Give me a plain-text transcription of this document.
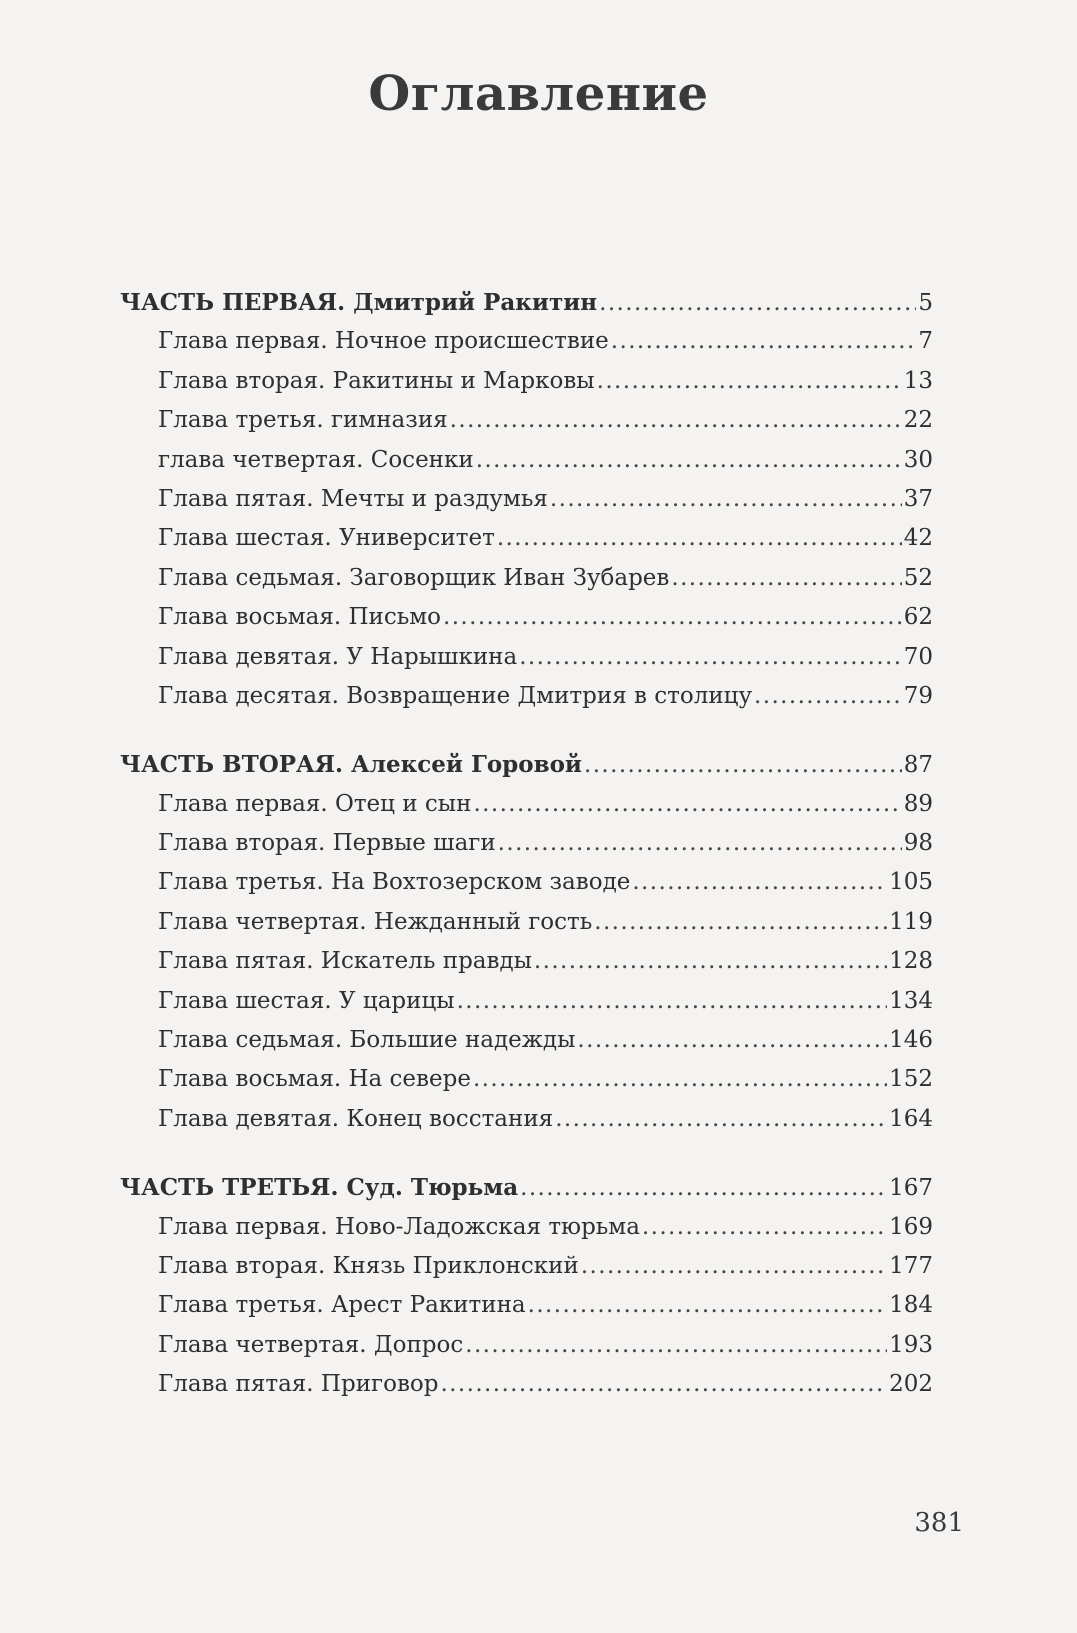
Оглавление
ЧАСТЬ ПЕРВАЯ. Дмитрий Ракитин .....	5
Глава первая. Ночное происшествие .....	7
Глава вторая. Ракитины и Марковы .....	13
Глава третья. гимназия .....	22
глава четвертая. Сосенки .....	30
Глава пятая. Мечты и раздумья .....	37
Глава шестая. Университет .....	42
Глава седьмая. Заговорщик Иван Зубарев .....	52
Глава восьмая. Письмо .....	62
Глава девятая. У Нарышкина .....	70
Глава десятая. Возвращение Дмитрия в столицу .....	79
ЧАСТЬ ВТОРАЯ. Алексей Горовой .....	87
Глава первая. Отец и сын .....	89
Глава вторая. Первые шаги .....	98
Глава третья. На Вохтозерском заводе .....	105
Глава четвертая. Нежданный гость .....	119
Глава пятая. Искатель правды .....	128
Глава шестая. У царицы .....	134
Глава седьмая. Большие надежды .....	146
Глава восьмая. На севере .....	152
Глава девятая. Конец восстания .....	164
ЧАСТЬ ТРЕТЬЯ. Суд. Тюрьма .....	167
Глава первая. Ново-Ладожская тюрьма .....	169
Глава вторая. Князь Приклонский .....	177
Глава третья. Арест Ракитина .....	184
Глава четвертая. Допрос .....	193
Глава пятая. Приговор .....	202
381
